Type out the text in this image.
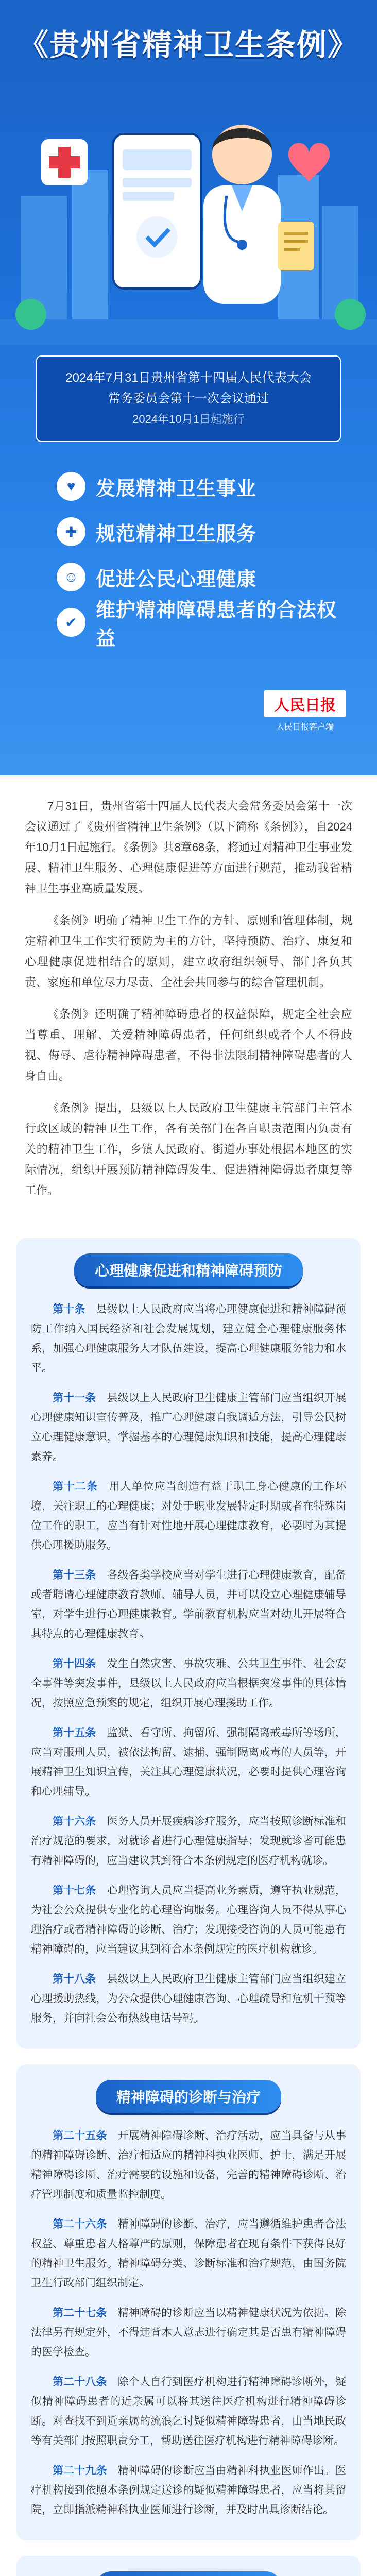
《贵州省精神卫生条例》
2024年7月31日贵州省第十四届人民代表大会
常务委员会第十一次会议通过
2024年10月1日起施行
♥	发展精神卫生事业
✚ 规范精神卫生服务
☺ 促进公民心理健康
✔
维护精神障碍患者的合法权益
人民日报
人民日报客户端

7月31日，贵州省第十四届人民代表大会常务委员会第十一次会议通过了《贵州省精神卫生条例》（以下简称《条例》），自2024年10月1日起施行。《条例》共8章68条，将通过对精神卫生事业发展、精神卫生服务、心理健康促进等方面进行规范，推动我省精神卫生事业高质量发展。

《条例》明确了精神卫生工作的方针、原则和管理体制，规定精神卫生工作实行预防为主的方针，坚持预防、治疗、康复和心理健康促进相结合的原则，建立政府组织领导、部门各负其责、家庭和单位尽力尽责、全社会共同参与的综合管理机制。

《条例》还明确了精神障碍患者的权益保障，规定全社会应当尊重、理解、关爱精神障碍患者，任何组织或者个人不得歧视、侮辱、虐待精神障碍患者，不得非法限制精神障碍患者的人身自由。

《条例》提出，县级以上人民政府卫生健康主管部门主管本行政区域的精神卫生工作，各有关部门在各自职责范围内负责有关的精神卫生工作，乡镇人民政府、街道办事处根据本地区的实际情况，组织开展预防精神障碍发生、促进精神障碍患者康复等工作。

心理健康促进和精神障碍预防

第十条　县级以上人民政府应当将心理健康促进和精神障碍预防工作纳入国民经济和社会发展规划，建立健全心理健康服务体系，加强心理健康服务人才队伍建设，提高心理健康服务能力和水平。

第十一条　县级以上人民政府卫生健康主管部门应当组织开展心理健康知识宣传普及，推广心理健康自我调适方法，引导公民树立心理健康意识，掌握基本的心理健康知识和技能，提高心理健康素养。

第十二条　用人单位应当创造有益于职工身心健康的工作环境，关注职工的心理健康；对处于职业发展特定时期或者在特殊岗位工作的职工，应当有针对性地开展心理健康教育，必要时为其提供心理援助服务。

第十三条　各级各类学校应当对学生进行心理健康教育，配备或者聘请心理健康教育教师、辅导人员，并可以设立心理健康辅导室，对学生进行心理健康教育。学前教育机构应当对幼儿开展符合其特点的心理健康教育。

第十四条　发生自然灾害、事故灾难、公共卫生事件、社会安全事件等突发事件，县级以上人民政府应当根据突发事件的具体情况，按照应急预案的规定，组织开展心理援助工作。

第十五条　监狱、看守所、拘留所、强制隔离戒毒所等场所，应当对服刑人员，被依法拘留、逮捕、强制隔离戒毒的人员等，开展精神卫生知识宣传，关注其心理健康状况，必要时提供心理咨询和心理辅导。

第十六条　医务人员开展疾病诊疗服务，应当按照诊断标准和治疗规范的要求，对就诊者进行心理健康指导；发现就诊者可能患有精神障碍的，应当建议其到符合本条例规定的医疗机构就诊。

第十七条　心理咨询人员应当提高业务素质，遵守执业规范，为社会公众提供专业化的心理咨询服务。心理咨询人员不得从事心理治疗或者精神障碍的诊断、治疗；发现接受咨询的人员可能患有精神障碍的，应当建议其到符合本条例规定的医疗机构就诊。

第十八条　县级以上人民政府卫生健康主管部门应当组织建立心理援助热线，为公众提供心理健康咨询、心理疏导和危机干预等服务，并向社会公布热线电话号码。

精神障碍的诊断与治疗

第二十五条　开展精神障碍诊断、治疗活动，应当具备与从事的精神障碍诊断、治疗相适应的精神科执业医师、护士，满足开展精神障碍诊断、治疗需要的设施和设备，完善的精神障碍诊断、治疗管理制度和质量监控制度。

第二十六条　精神障碍的诊断、治疗，应当遵循维护患者合法权益、尊重患者人格尊严的原则，保障患者在现有条件下获得良好的精神卫生服务。精神障碍分类、诊断标准和治疗规范，由国务院卫生行政部门组织制定。

第二十七条　精神障碍的诊断应当以精神健康状况为依据。除法律另有规定外，不得违背本人意志进行确定其是否患有精神障碍的医学检查。

第二十八条　除个人自行到医疗机构进行精神障碍诊断外，疑似精神障碍患者的近亲属可以将其送往医疗机构进行精神障碍诊断。对查找不到近亲属的流浪乞讨疑似精神障碍患者，由当地民政等有关部门按照职责分工，帮助送往医疗机构进行精神障碍诊断。

第二十九条　精神障碍的诊断应当由精神科执业医师作出。医疗机构接到依照本条例规定送诊的疑似精神障碍患者，应当将其留院，立即指派精神科执业医师进行诊断，并及时出具诊断结论。
